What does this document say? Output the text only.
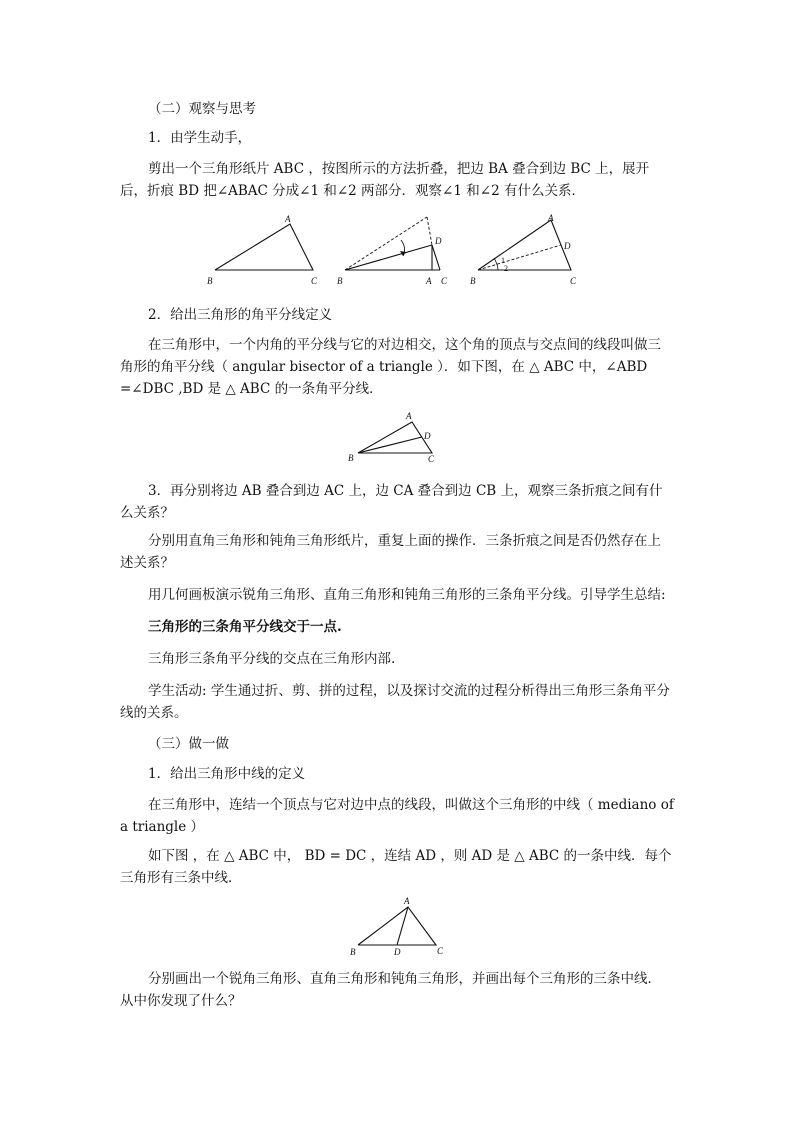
（二）观察与思考

1．由学生动手，

剪出一个三角形纸片 ABC ，按图所示的方法折叠，把边 BA 叠合到边 BC 上，展开后，折痕 BD 把∠ABAC 分成∠1 和∠2 两部分．观察∠1 和∠2 有什么关系．

A
B	C
D
B	A C
A
D
B	C
1
2

2．给出三角形的角平分线定义

在三角形中，一个内角的平分线与它的对边相交，这个角的顶点与交点间的线段叫做三角形的角平分线（ angular bisector of a triangle ）．如下图，在 △ ABC 中，∠ABD =∠DBC ,BD 是 △ ABC 的一条角平分线．

A
D
B	C

3．再分别将边 AB 叠合到边 AC 上，边 CA 叠合到边 CB 上，观察三条折痕之间有什么关系？

分别用直角三角形和钝角三角形纸片，重复上面的操作．三条折痕之间是否仍然存在上述关系？

用几何画板演示锐角三角形、直角三角形和钝角三角形的三条角平分线。引导学生总结:

三角形的三条角平分线交于一点.

三角形三条角平分线的交点在三角形内部.

学生活动: 学生通过折、剪、拼的过程，以及探讨交流的过程分析得出三角形三条角平分线的关系。

（三）做一做

1．给出三角形中线的定义

在三角形中，连结一个顶点与它对边中点的线段，叫做这个三角形的中线（ mediano of a triangle ）

如下图 ，在 △ ABC 中， BD = DC ，连结 AD ，则 AD 是 △ ABC 的一条中线．每个三角形有三条中线．

A
B	D	C

分别画出一个锐角三角形、直角三角形和钝角三角形，并画出每个三角形的三条中线．从中你发现了什么？
